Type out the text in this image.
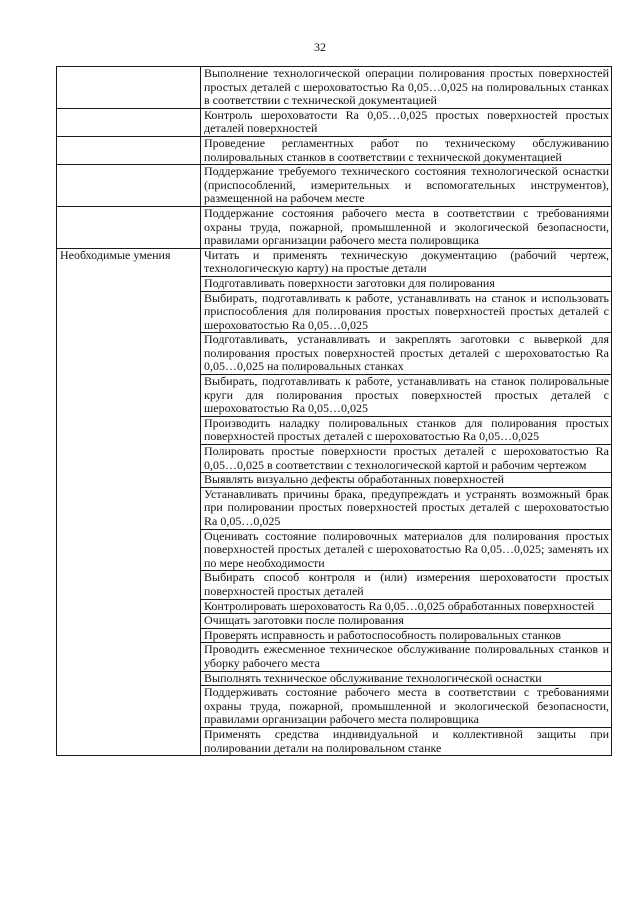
32
	Выполнение технологической операции полирования простых поверхностей простых деталей с шероховатостью Ra 0,05…0,025 на полировальных станках в соответствии с технической документацией
	Контроль шероховатости Ra 0,05…0,025 простых поверхностей простых деталей поверхностей
	Проведение регламентных работ по техническому обслуживанию полировальных станков в соответствии с технической документацией
	Поддержание требуемого технического состояния технологической оснастки (приспособлений, измерительных и вспомогательных инструментов), размещенной на рабочем месте
	Поддержание состояния рабочего места в соответствии с требованиями охраны труда, пожарной, промышленной и экологической безопасности, правилами организации рабочего места полировщика
Необходимые умения	Читать и применять техническую документацию (рабочий чертеж, технологическую карту) на простые детали
	Подготавливать поверхности заготовки для полирования
	Выбирать, подготавливать к работе, устанавливать на станок и использовать приспособления для полирования простых поверхностей простых деталей с шероховатостью Ra 0,05…0,025
	Подготавливать, устанавливать и закреплять заготовки с выверкой для полирования простых поверхностей простых деталей с шероховатостью Ra 0,05…0,025 на полировальных станках
	Выбирать, подготавливать к работе, устанавливать на станок полировальные круги для полирования простых поверхностей простых деталей с шероховатостью Ra 0,05…0,025
	Производить наладку полировальных станков для полирования простых поверхностей простых деталей с шероховатостью Ra 0,05…0,025
	Полировать простые поверхности простых деталей с шероховатостью Ra 0,05…0,025 в соответствии с технологической картой и рабочим чертежом
	Выявлять визуально дефекты обработанных поверхностей
	Устанавливать причины брака, предупреждать и устранять возможный брак при полировании простых поверхностей простых деталей с шероховатостью Ra 0,05…0,025
	Оценивать состояние полировочных материалов для полирования простых поверхностей простых деталей с шероховатостью Ra 0,05…0,025; заменять их по мере необходимости
	Выбирать способ контроля и (или) измерения шероховатости простых поверхностей простых деталей
	Контролировать шероховатость Ra 0,05…0,025 обработанных поверхностей
	Очищать заготовки после полирования
	Проверять исправность и работоспособность полировальных станков
	Проводить ежесменное техническое обслуживание полировальных станков и уборку рабочего места
	Выполнять техническое обслуживание технологической оснастки
	Поддерживать состояние рабочего места в соответствии с требованиями охраны труда, пожарной, промышленной и экологической безопасности, правилами организации рабочего места полировщика
	Применять средства индивидуальной и коллективной защиты при полировании детали на полировальном станке
